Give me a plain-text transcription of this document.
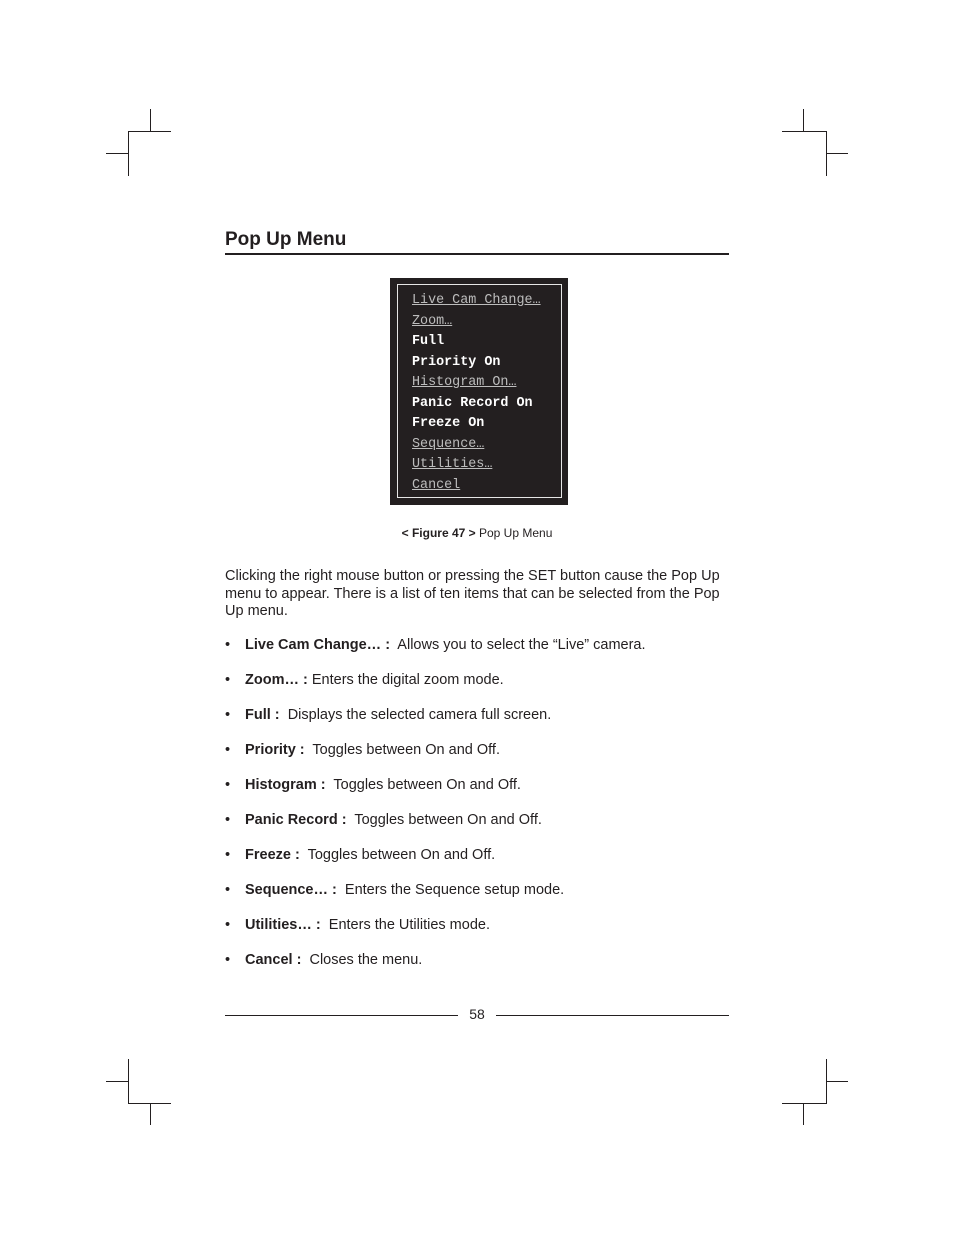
Pop Up Menu
Live Cam Change…
Zoom…
Full
Priority On
Histogram On…
Panic Record On
Freeze On
Sequence…
Utilities…
Cancel
< Figure 47 > Pop Up Menu

Clicking the right mouse button or pressing the SET button cause the Pop Up menu to appear. There is a list of ten items that can be selected from the Pop Up menu.

• Live Cam Change… : Allows you to select the “Live” camera.
• Zoom… : Enters the digital zoom mode.
• Full : Displays the selected camera full screen.
• Priority : Toggles between On and Off.
• Histogram : Toggles between On and Off.
• Panic Record : Toggles between On and Off.
• Freeze : Toggles between On and Off.
• Sequence… : Enters the Sequence setup mode.
• Utilities… : Enters the Utilities mode.
• Cancel : Closes the menu.
58
